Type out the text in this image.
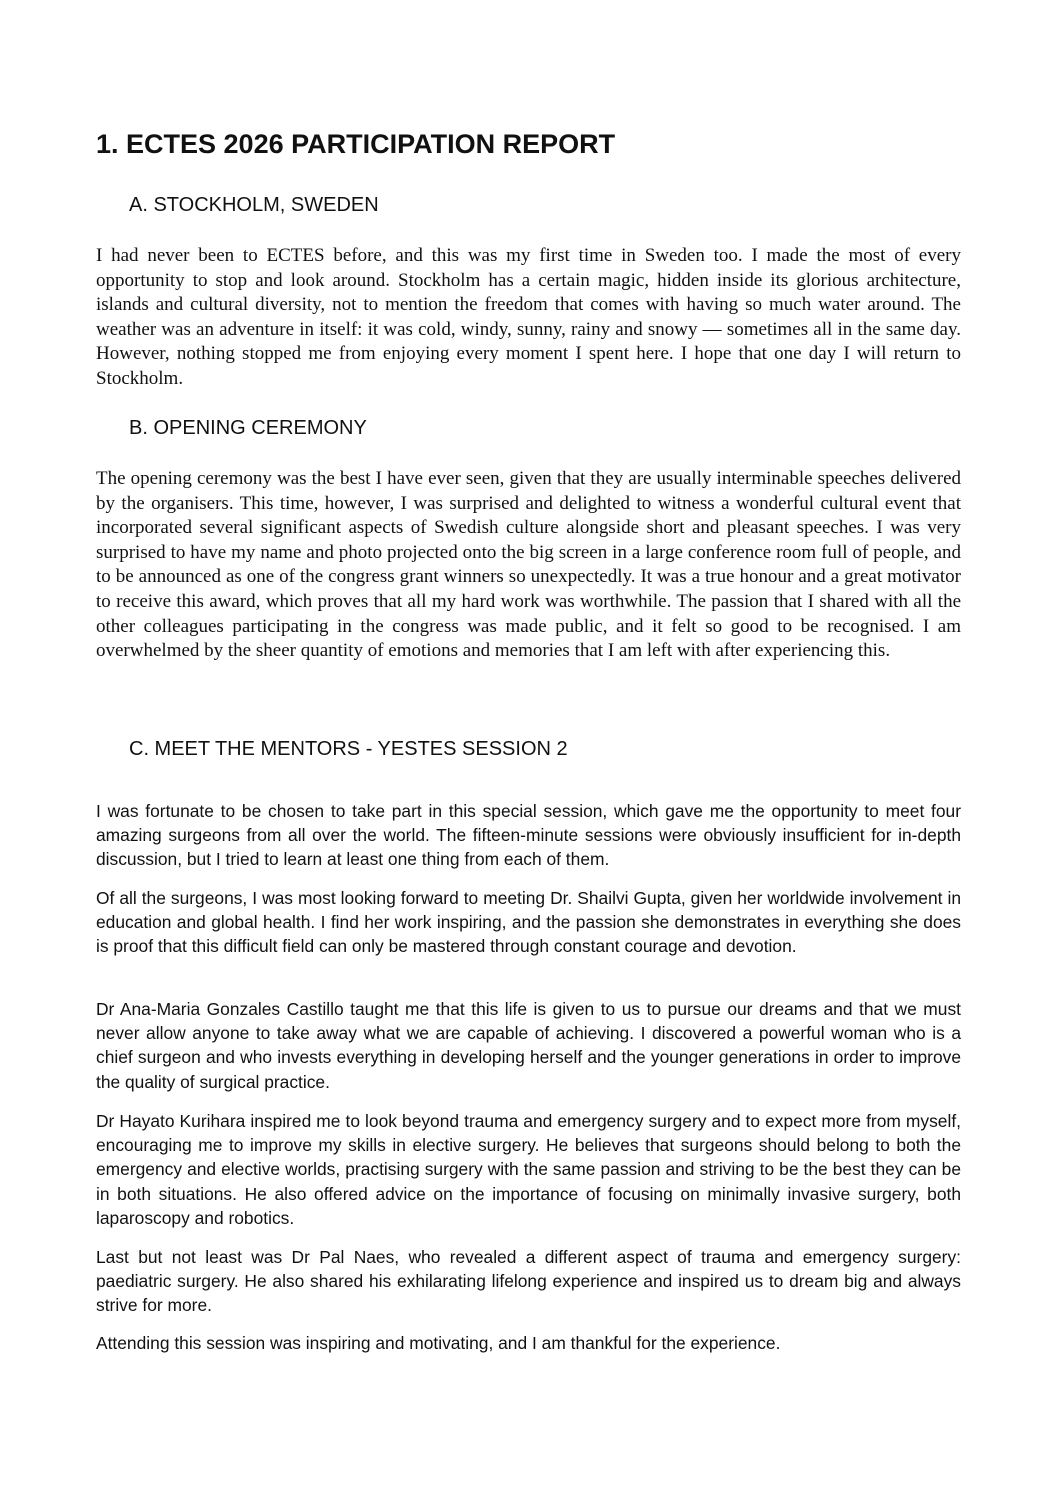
1. ECTES 2026 PARTICIPATION REPORT
A. STOCKHOLM, SWEDEN

I had never been to ECTES before, and this was my first time in Sweden too. I made the most of every opportunity to stop and look around. Stockholm has a certain magic, hidden inside its glorious architecture, islands and cultural diversity, not to mention the freedom that comes with having so much water around. The weather was an adventure in itself: it was cold, windy, sunny, rainy and snowy — sometimes all in the same day. However, nothing stopped me from enjoying every moment I spent here. I hope that one day I will return to Stockholm.

B. OPENING CEREMONY

The opening ceremony was the best I have ever seen, given that they are usually interminable speeches delivered by the organisers. This time, however, I was surprised and delighted to witness a wonderful cultural event that incorporated several significant aspects of Swedish culture alongside short and pleasant speeches. I was very surprised to have my name and photo projected onto the big screen in a large conference room full of people, and to be announced as one of the congress grant winners so unexpectedly. It was a true honour and a great motivator to receive this award, which proves that all my hard work was worthwhile. The passion that I shared with all the other colleagues participating in the congress was made public, and it felt so good to be recognised. I am overwhelmed by the sheer quantity of emotions and memories that I am left with after experiencing this.

C. MEET THE MENTORS - YESTES SESSION 2

I was fortunate to be chosen to take part in this special session, which gave me the opportunity to meet four amazing surgeons from all over the world. The fifteen-minute sessions were obviously insufficient for in-depth discussion, but I tried to learn at least one thing from each of them.

Of all the surgeons, I was most looking forward to meeting Dr. Shailvi Gupta, given her worldwide involvement in education and global health. I find her work inspiring, and the passion she demonstrates in everything she does is proof that this difficult field can only be mastered through constant courage and devotion.

Dr Ana-Maria Gonzales Castillo taught me that this life is given to us to pursue our dreams and that we must never allow anyone to take away what we are capable of achieving. I discovered a powerful woman who is a chief surgeon and who invests everything in developing herself and the younger generations in order to improve the quality of surgical practice.

Dr Hayato Kurihara inspired me to look beyond trauma and emergency surgery and to expect more from myself, encouraging me to improve my skills in elective surgery. He believes that surgeons should belong to both the emergency and elective worlds, practising surgery with the same passion and striving to be the best they can be in both situations. He also offered advice on the importance of focusing on minimally invasive surgery, both laparoscopy and robotics.

Last but not least was Dr Pal Naes, who revealed a different aspect of trauma and emergency surgery: paediatric surgery. He also shared his exhilarating lifelong experience and inspired us to dream big and always strive for more.

Attending this session was inspiring and motivating, and I am thankful for the experience.
